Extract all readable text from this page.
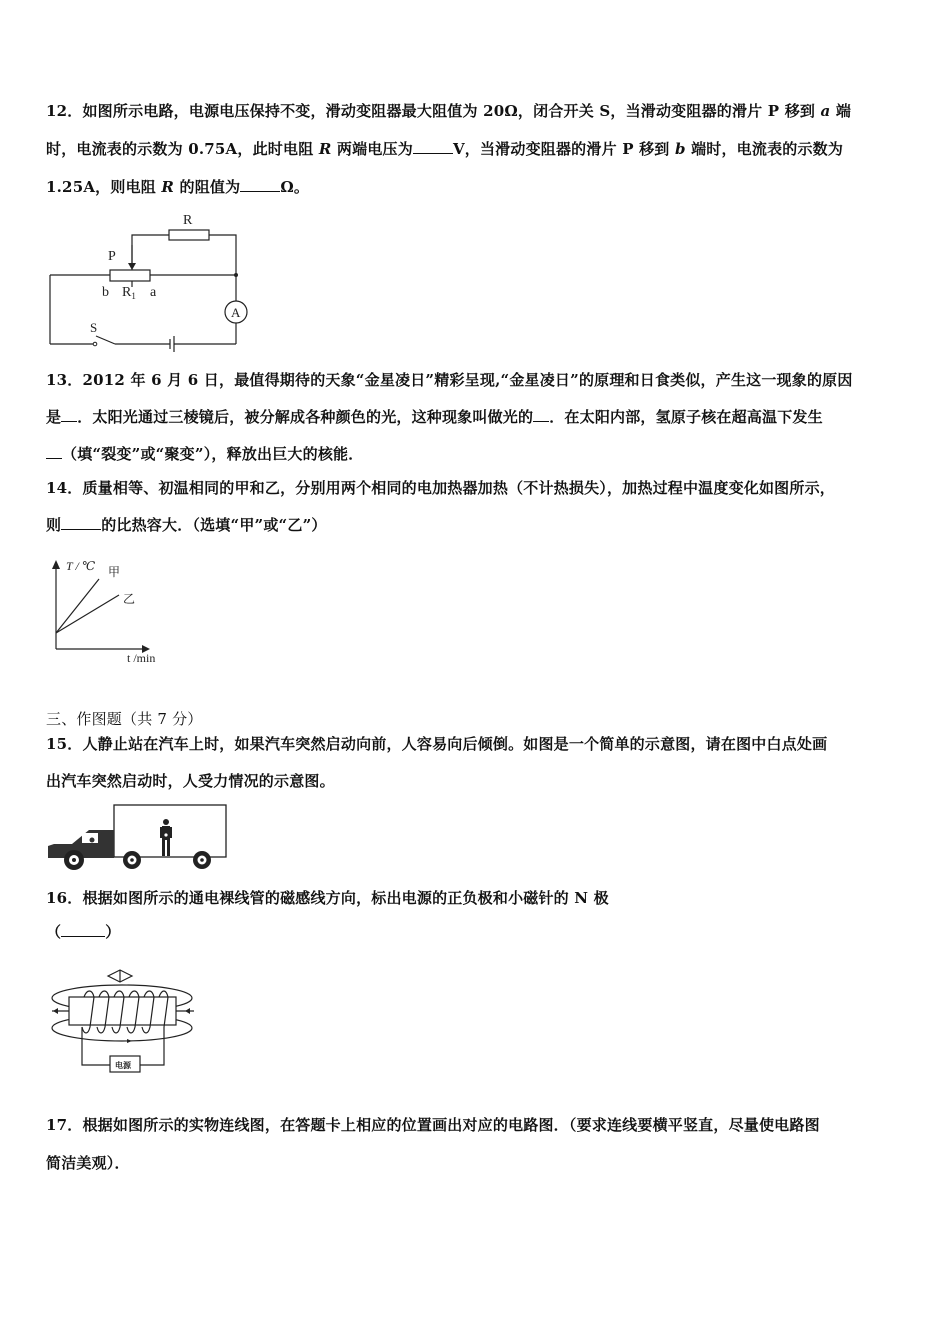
12．如图所示电路，电源电压保持不变，滑动变阻器最大阻值为 20Ω，闭合开关 S，当滑动变阻器的滑片 P 移到 a 端
时，电流表的示数为 0.75A，此时电阻 R 两端电压为	V，当滑动变阻器的滑片 P 移到 b 端时，电流表的示数为
1.25A，则电阻 R 的阻值为	Ω。
R
P
b $R_1$ a
A
S
13．2012 年 6 月 6 日，最值得期待的天象“金星凌日”精彩呈现,“金星凌日”的原理和日食类似，产生这一现象的原因
是 ．太阳光通过三棱镜后，被分解成各种颜色的光，这种现象叫做光的 ．在太阳内部，氢原子核在超高温下发生
（填“裂变”或“聚变”），释放出巨大的核能．
14．质量相等、初温相同的甲和乙，分别用两个相同的电加热器加热（不计热损失），加热过程中温度变化如图所示，
则	的比热容大．（选填“甲”或“乙”）
T / ℃ 甲
乙
t /min
三、作图题（共 7 分）
15．人静止站在汽车上时，如果汽车突然启动向前，人容易向后倾倒。如图是一个简单的示意图，请在图中白点处画
出汽车突然启动时，人受力情况的示意图。
16．根据如图所示的通电裸线管的磁感线方向，标出电源的正负极和小磁针的 N 极
（	）
电源
17．根据如图所示的实物连线图，在答题卡上相应的位置画出对应的电路图．（要求连线要横平竖直，尽量使电路图
简洁美观）．
